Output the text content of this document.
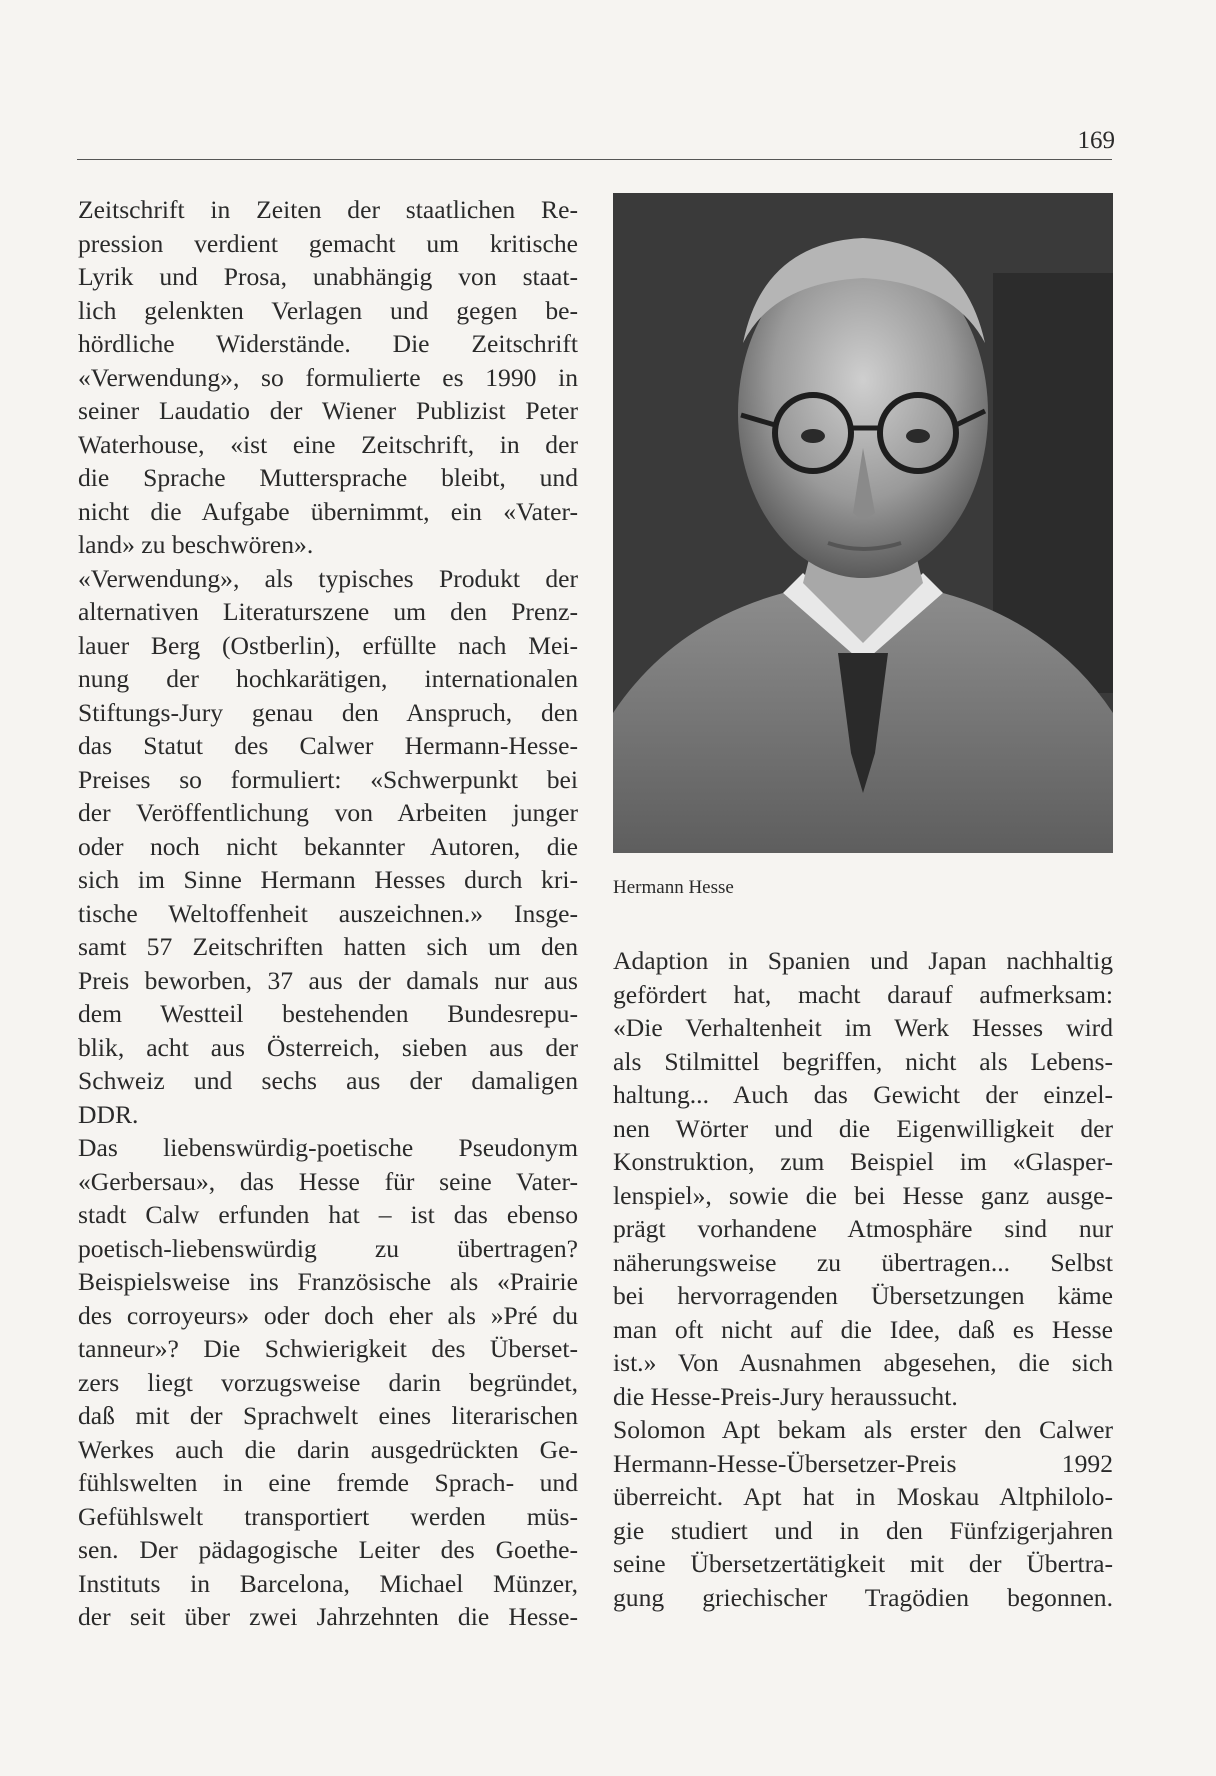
169

Zeitschrift in Zeiten der staatlichen Re-
pression verdient gemacht um kritische
Lyrik und Prosa, unabhängig von staat-
lich gelenkten Verlagen und gegen be-
hördliche Widerstände. Die Zeitschrift
«Verwendung», so formulierte es 1990 in
seiner Laudatio der Wiener Publizist Peter
Waterhouse, «ist eine Zeitschrift, in der
die Sprache Muttersprache bleibt, und
nicht die Aufgabe übernimmt, ein «Vater-
land» zu beschwören».

«Verwendung», als typisches Produkt der
alternativen Literaturszene um den Prenz-
lauer Berg (Ostberlin), erfüllte nach Mei-
nung der hochkarätigen, internationalen
Stiftungs-Jury genau den Anspruch, den
das Statut des Calwer Hermann-Hesse-
Preises so formuliert: «Schwerpunkt bei
der Veröffentlichung von Arbeiten junger
oder noch nicht bekannter Autoren, die
sich im Sinne Hermann Hesses durch kri-
tische Weltoffenheit auszeichnen.» Insge-
samt 57 Zeitschriften hatten sich um den
Preis beworben, 37 aus der damals nur aus
dem Westteil bestehenden Bundesrepu-
blik, acht aus Österreich, sieben aus der
Schweiz und sechs aus der damaligen
DDR.

Das liebenswürdig-poetische Pseudonym
«Gerbersau», das Hesse für seine Vater-
stadt Calw erfunden hat – ist das ebenso
poetisch-liebenswürdig zu übertragen?
Beispielsweise ins Französische als «Prairie
des corroyeurs» oder doch eher als »Pré du
tanneur»? Die Schwierigkeit des Überset-
zers liegt vorzugsweise darin begründet,
daß mit der Sprachwelt eines literarischen
Werkes auch die darin ausgedrückten Ge-
fühlswelten in eine fremde Sprach- und
Gefühlswelt transportiert werden müs-
sen. Der pädagogische Leiter des Goethe-
Instituts in Barcelona, Michael Münzer,
der seit über zwei Jahrzehnten die Hesse-

Hermann Hesse

Adaption in Spanien und Japan nachhaltig
gefördert hat, macht darauf aufmerksam:
«Die Verhaltenheit im Werk Hesses wird
als Stilmittel begriffen, nicht als Lebens-
haltung... Auch das Gewicht der einzel-
nen Wörter und die Eigenwilligkeit der
Konstruktion, zum Beispiel im «Glasper-
lenspiel», sowie die bei Hesse ganz ausge-
prägt vorhandene Atmosphäre sind nur
näherungsweise zu übertragen... Selbst
bei hervorragenden Übersetzungen käme
man oft nicht auf die Idee, daß es Hesse
ist.» Von Ausnahmen abgesehen, die sich
die Hesse-Preis-Jury heraussucht.

Solomon Apt bekam als erster den Calwer
Hermann-Hesse-Übersetzer-Preis 1992
überreicht. Apt hat in Moskau Altphilolo-
gie studiert und in den Fünfzigerjahren
seine Übersetzertätigkeit mit der Übertra-
gung griechischer Tragödien begonnen.
